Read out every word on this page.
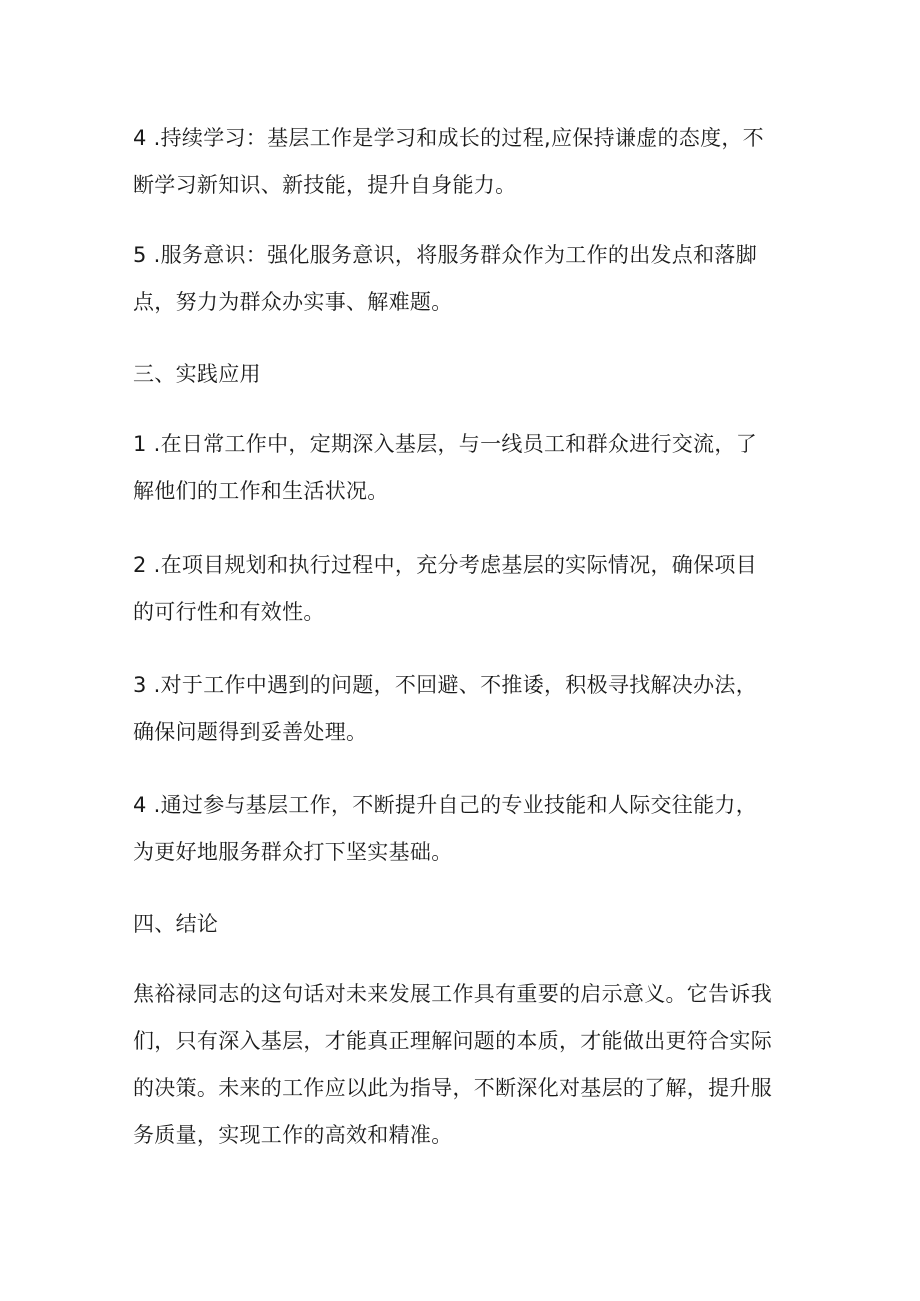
4 .持续学习：基层工作是学习和成长的过程,应保持谦虚的态度，不
断学习新知识、新技能，提升自身能力。
5 .服务意识：强化服务意识，将服务群众作为工作的出发点和落脚
点，努力为群众办实事、解难题。
三、实践应用
1 .在日常工作中，定期深入基层，与一线员工和群众进行交流，了
解他们的工作和生活状况。
2 .在项目规划和执行过程中，充分考虑基层的实际情况，确保项目
的可行性和有效性。
3 .对于工作中遇到的问题，不回避、不推诿，积极寻找解决办法，
确保问题得到妥善处理。
4 .通过参与基层工作，不断提升自己的专业技能和人际交往能力，
为更好地服务群众打下坚实基础。
四、结论
焦裕禄同志的这句话对未来发展工作具有重要的启示意义。它告诉我
们，只有深入基层，才能真正理解问题的本质，才能做出更符合实际
的决策。未来的工作应以此为指导，不断深化对基层的了解，提升服
务质量，实现工作的高效和精准。
